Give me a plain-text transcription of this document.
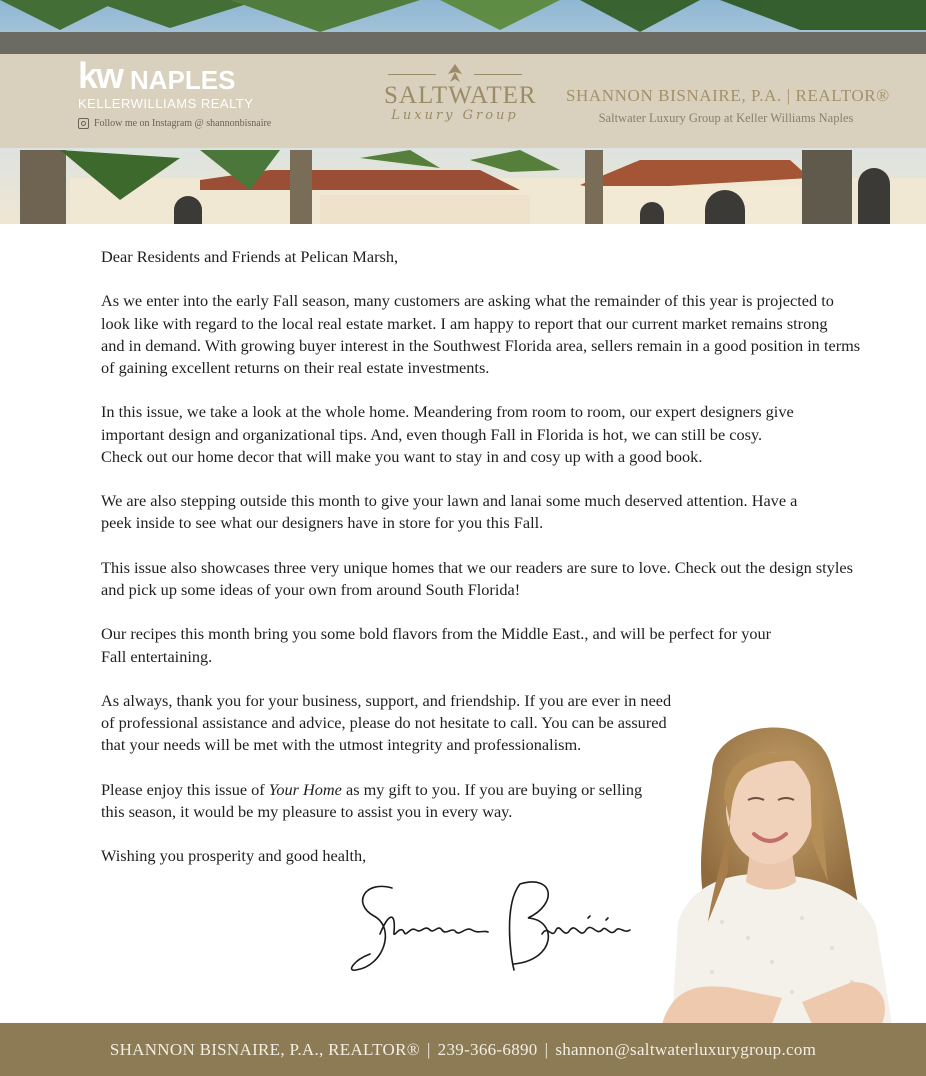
kw NAPLES
KELLERWILLIAMS REALTY
Follow me on Instagram @ shannonbisnaire
SALTWATER
Luxury Group
SHANNON BISNAIRE, P.A. | REALTOR®
Saltwater Luxury Group at Keller Williams Naples

Dear Residents and Friends at Pelican Marsh,

As we enter into the early Fall season, many customers are asking what the remainder of this year is projected to
look like with regard to the local real estate market. I am happy to report that our current market remains strong
and in demand. With growing buyer interest in the Southwest Florida area, sellers remain in a good position in terms
of gaining excellent returns on their real estate investments.

In this issue, we take a look at the whole home. Meandering from room to room, our expert designers give
important design and organizational tips. And, even though Fall in Florida is hot, we can still be cosy.
Check out our home decor that will make you want to stay in and cosy up with a good book.

We are also stepping outside this month to give your lawn and lanai some much deserved attention. Have a
peek inside to see what our designers have in store for you this Fall.

This issue also showcases three very unique homes that we our readers are sure to love. Check out the design styles
and pick up some ideas of your own from around South Florida!

Our recipes this month bring you some bold flavors from the Middle East., and will be perfect for your
Fall entertaining.

As always, thank you for your business, support, and friendship. If you are ever in need
of professional assistance and advice, please do not hesitate to call. You can be assured
that your needs will be met with the utmost integrity and professionalism.

Please enjoy this issue of Your Home as my gift to you. If you are buying or selling
this season, it would be my pleasure to assist you in every way.

Wishing you prosperity and good health,

SHANNON BISNAIRE, P.A., REALTOR® | 239-366-6890 | shannon@saltwaterluxurygroup.com
